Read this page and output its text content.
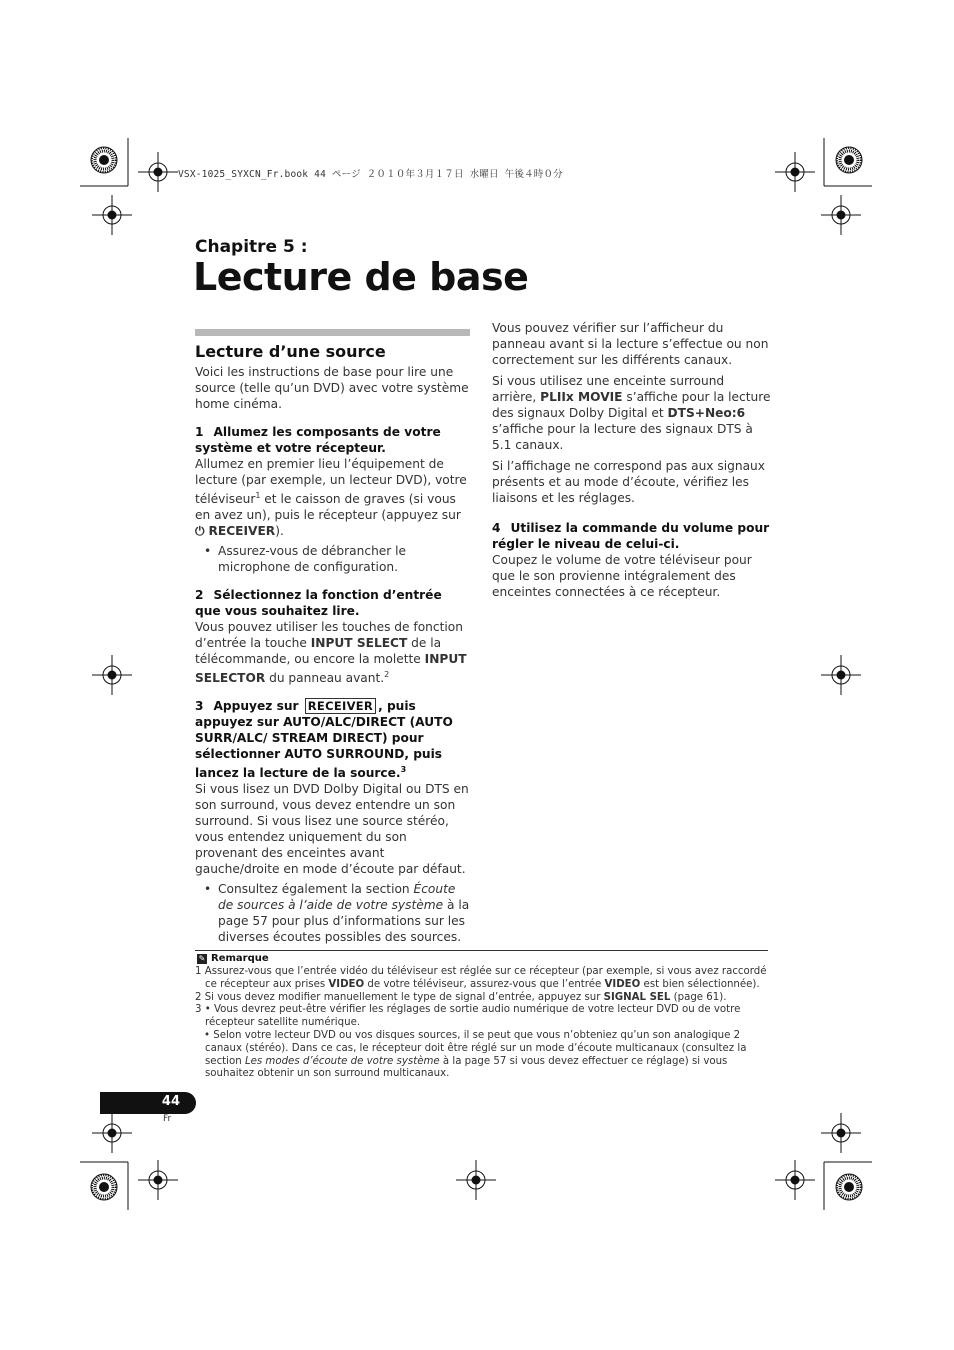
VSX-1025_SYXCN_Fr.book 44 ページ ２０１０年３月１７日 水曜日 午後４時０分
Chapitre 5 :
Lecture de base
Lecture d’une source

Voici les instructions de base pour lire une source (telle qu’un DVD) avec votre système home cinéma.

1 Allumez les composants de votre système et votre récepteur.

Allumez en premier lieu l’équipement de lecture (par exemple, un lecteur DVD), votre téléviseur$^1$ et le caisson de graves (si vous en avez un), puis le récepteur (appuyez sur
⏻ RECEIVER).

• Assurez-vous de débrancher le microphone de configuration.

2 Sélectionnez la fonction d’entrée que vous souhaitez lire.

Vous pouvez utiliser les touches de fonction d’entrée la touche INPUT SELECT de la télécommande, ou encore la molette INPUT SELECTOR du panneau avant.$^2$

3 Appuyez sur RECEIVER , puis appuyez sur AUTO/ALC/DIRECT (AUTO SURR/ALC/ STREAM DIRECT) pour sélectionner AUTO SURROUND, puis lancez la lecture de la source.$^3$

Si vous lisez un DVD Dolby Digital ou DTS en son surround, vous devez entendre un son surround. Si vous lisez une source stéréo, vous entendez uniquement du son provenant des enceintes avant gauche/droite en mode d’écoute par défaut.

• Consultez également la section Écoute de sources à l’aide de votre système à la page 57 pour plus d’informations sur les diverses écoutes possibles des sources.

Vous pouvez vérifier sur l’afficheur du panneau avant si la lecture s’effectue ou non correctement sur les différents canaux.

Si vous utilisez une enceinte surround arrière, PLIIx MOVIE s’affiche pour la lecture des signaux Dolby Digital et DTS+Neo:6 s’affiche pour la lecture des signaux DTS à 5.1 canaux.

Si l’affichage ne correspond pas aux signaux présents et au mode d’écoute, vérifiez les liaisons et les réglages.

4 Utilisez la commande du volume pour régler le niveau de celui-ci.

Coupez le volume de votre téléviseur pour que le son provienne intégralement des enceintes connectées à ce récepteur.

✎ Remarque

1 Assurez-vous que l’entrée vidéo du téléviseur est réglée sur ce récepteur (par exemple, si vous avez raccordé ce récepteur aux prises VIDEO de votre téléviseur, assurez-vous que l’entrée VIDEO est bien sélectionnée).

2 Si vous devez modifier manuellement le type de signal d’entrée, appuyez sur SIGNAL SEL (page 61).

3 • Vous devrez peut-être vérifier les réglages de sortie audio numérique de votre lecteur DVD ou de votre récepteur satellite numérique.

• Selon votre lecteur DVD ou vos disques sources, il se peut que vous n’obteniez qu’un son analogique 2 canaux (stéréo). Dans ce cas, le récepteur doit être réglé sur un mode d’écoute multicanaux (consultez la section Les modes d’écoute de votre système à la page 57 si vous devez effectuer ce réglage) si vous souhaitez obtenir un son surround multicanaux.

44
Fr
